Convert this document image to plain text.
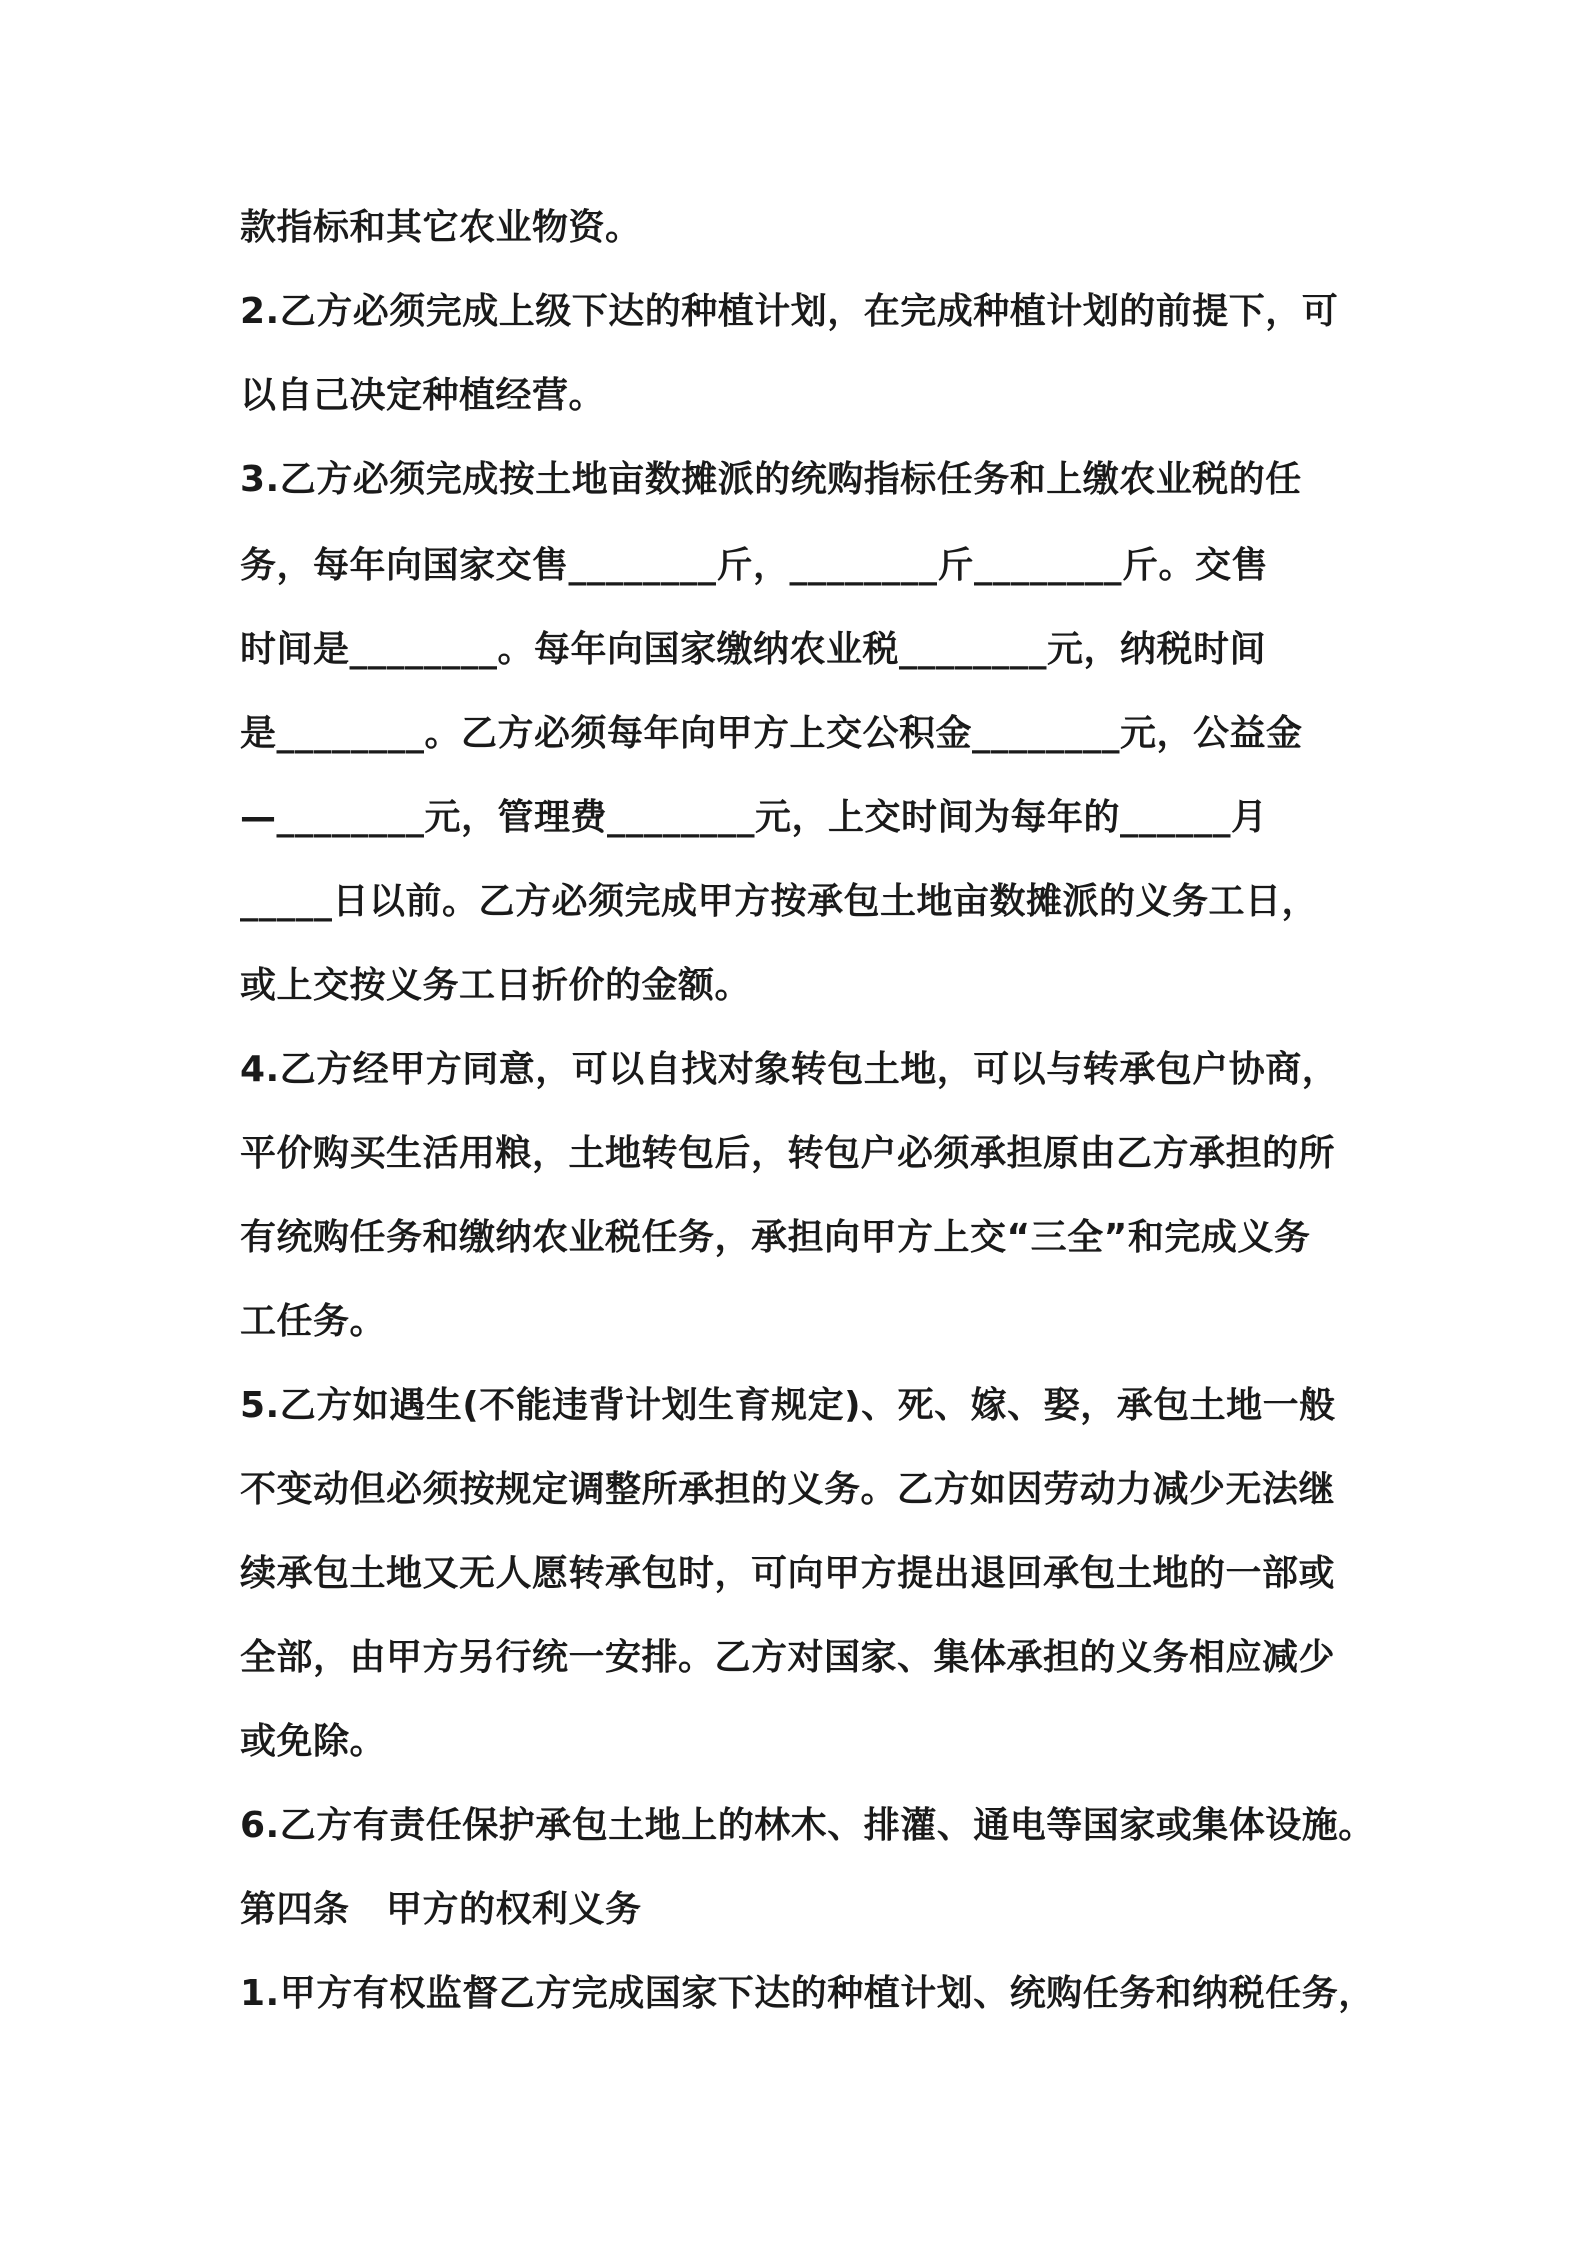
款指标和其它农业物资。
2.乙方必须完成上级下达的种植计划，在完成种植计划的前提下，可
以自己决定种植经营。
3.乙方必须完成按土地亩数摊派的统购指标任务和上缴农业税的任
务，每年向国家交售________斤，________斤________斤。交售
时间是________。每年向国家缴纳农业税________元，纳税时间
是________。乙方必须每年向甲方上交公积金________元，公益金
—________元，管理费________元，上交时间为每年的______月
_____日以前。乙方必须完成甲方按承包土地亩数摊派的义务工日，
或上交按义务工日折价的金额。
4.乙方经甲方同意，可以自找对象转包土地，可以与转承包户协商，
平价购买生活用粮，土地转包后，转包户必须承担原由乙方承担的所
有统购任务和缴纳农业税任务，承担向甲方上交“三全”和完成义务
工任务。
5.乙方如遇生(不能违背计划生育规定)、死、嫁、娶，承包土地一般
不变动但必须按规定调整所承担的义务。乙方如因劳动力减少无法继
续承包土地又无人愿转承包时，可向甲方提出退回承包土地的一部或
全部，由甲方另行统一安排。乙方对国家、集体承担的义务相应减少
或免除。
6.乙方有责任保护承包土地上的林木、排灌、通电等国家或集体设施。
第四条　甲方的权利义务
1.甲方有权监督乙方完成国家下达的种植计划、统购任务和纳税任务，
